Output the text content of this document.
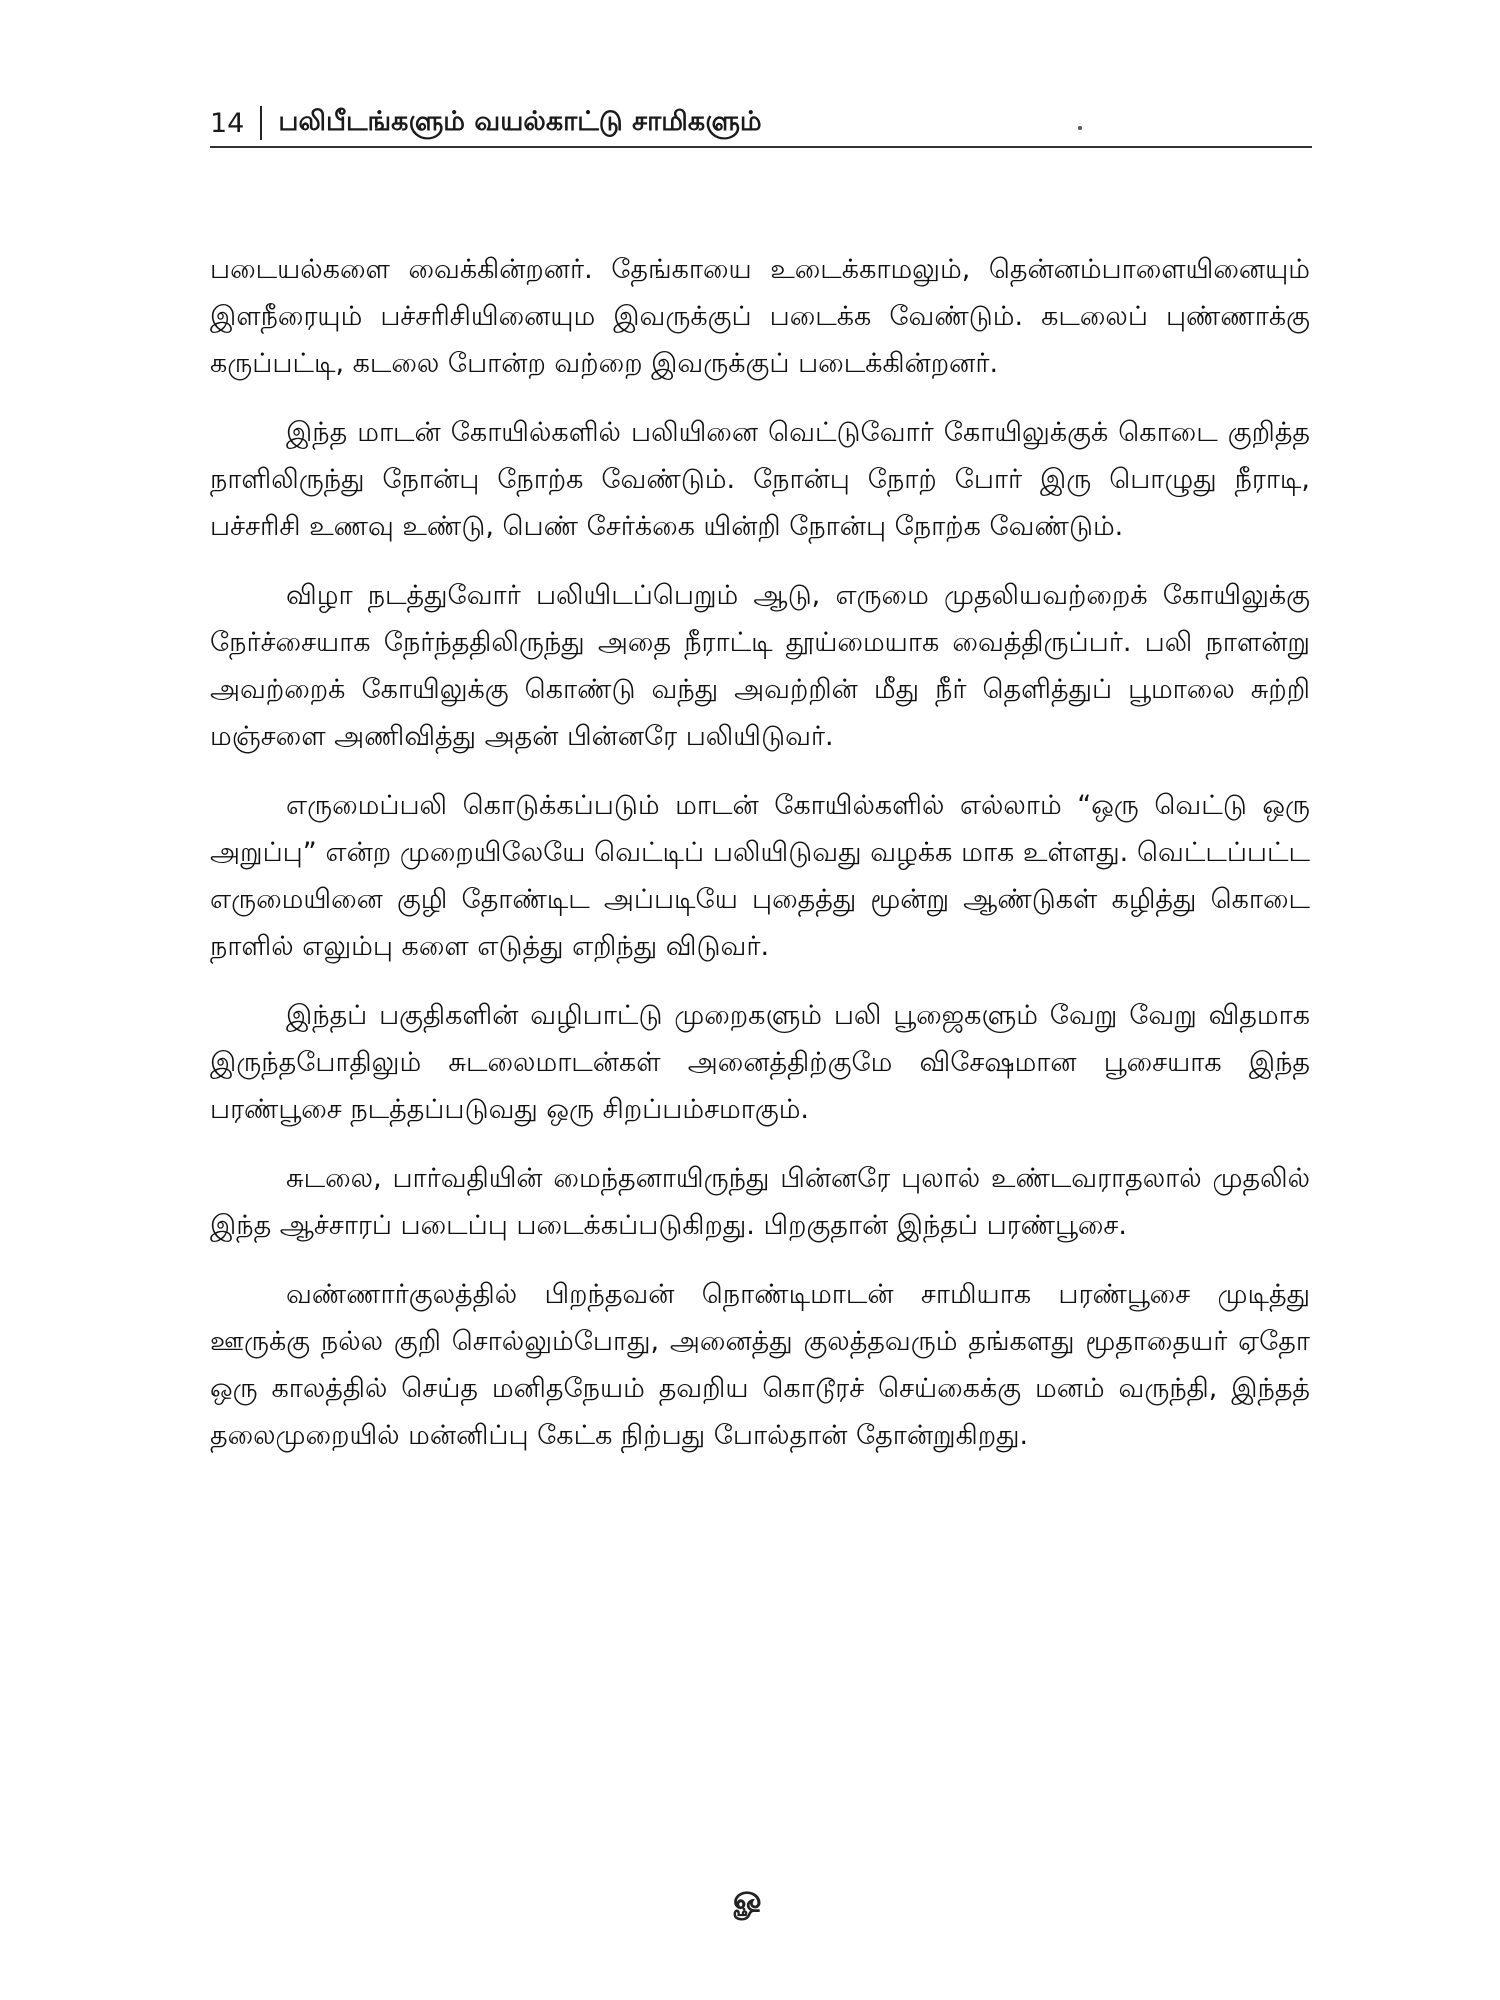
14 பலிபீடங்களும் வயல்காட்டு சாமிகளும்

படையல்களை வைக்கின்றனர். தேங்காயை உடைக்காமலும், தென்னம்பாளையினையும் இளநீரையும் பச்சரிசியினையும இவருக்குப் படைக்க வேண்டும். கடலைப் புண்ணாக்கு கருப்பட்டி, கடலை போன்ற வற்றை இவருக்குப் படைக்கின்றனர்.

இந்த மாடன் கோயில்களில் பலியினை வெட்டுவோர் கோயிலுக்குக் கொடை குறித்த நாளிலிருந்து நோன்பு நோற்க வேண்டும். நோன்பு நோற் போர் இரு பொழுது நீராடி, பச்சரிசி உணவு உண்டு, பெண் சேர்க்கை யின்றி நோன்பு நோற்க வேண்டும்.

விழா நடத்துவோர் பலியிடப்பெறும் ஆடு, எருமை முதலியவற்றைக் கோயிலுக்கு நேர்ச்சையாக நேர்ந்ததிலிருந்து அதை நீராட்டி தூய்மையாக வைத்திருப்பர். பலி நாளன்று அவற்றைக் கோயிலுக்கு கொண்டு வந்து அவற்றின் மீது நீர் தெளித்துப் பூமாலை சுற்றி மஞ்சளை அணிவித்து அதன் பின்னரே பலியிடுவர்.

எருமைப்பலி கொடுக்கப்படும் மாடன் கோயில்களில் எல்லாம் “ஒரு வெட்டு ஒரு அறுப்பு” என்ற முறையிலேயே வெட்டிப் பலியிடுவது வழக்க மாக உள்ளது. வெட்டப்பட்ட எருமையினை குழி தோண்டிட அப்படியே புதைத்து மூன்று ஆண்டுகள் கழித்து கொடை நாளில் எலும்பு களை எடுத்து எறிந்து விடுவர்.

இந்தப் பகுதிகளின் வழிபாட்டு முறைகளும் பலி பூஜைகளும் வேறு வேறு விதமாக இருந்தபோதிலும் சுடலைமாடன்கள் அனைத்திற்குமே விசேஷமான பூசையாக இந்த பரண்பூசை நடத்தப்படுவது ஒரு சிறப்பம்சமாகும்.

சுடலை, பார்வதியின் மைந்தனாயிருந்து பின்னரே புலால் உண்டவராதலால் முதலில் இந்த ஆச்சாரப் படைப்பு படைக்கப்படுகிறது. பிறகுதான் இந்தப் பரண்பூசை.

வண்ணார்குலத்தில் பிறந்தவன் நொண்டிமாடன் சாமியாக பரண்பூசை முடித்து ஊருக்கு நல்ல குறி சொல்லும்போது, அனைத்து குலத்தவரும் தங்களது மூதாதையர் ஏதோ ஒரு காலத்தில் செய்த மனிதநேயம் தவறிய கொடூரச் செய்கைக்கு மனம் வருந்தி, இந்தத் தலைமுறையில் மன்னிப்பு கேட்க நிற்பது போல்தான் தோன்றுகிறது.

ௐ
